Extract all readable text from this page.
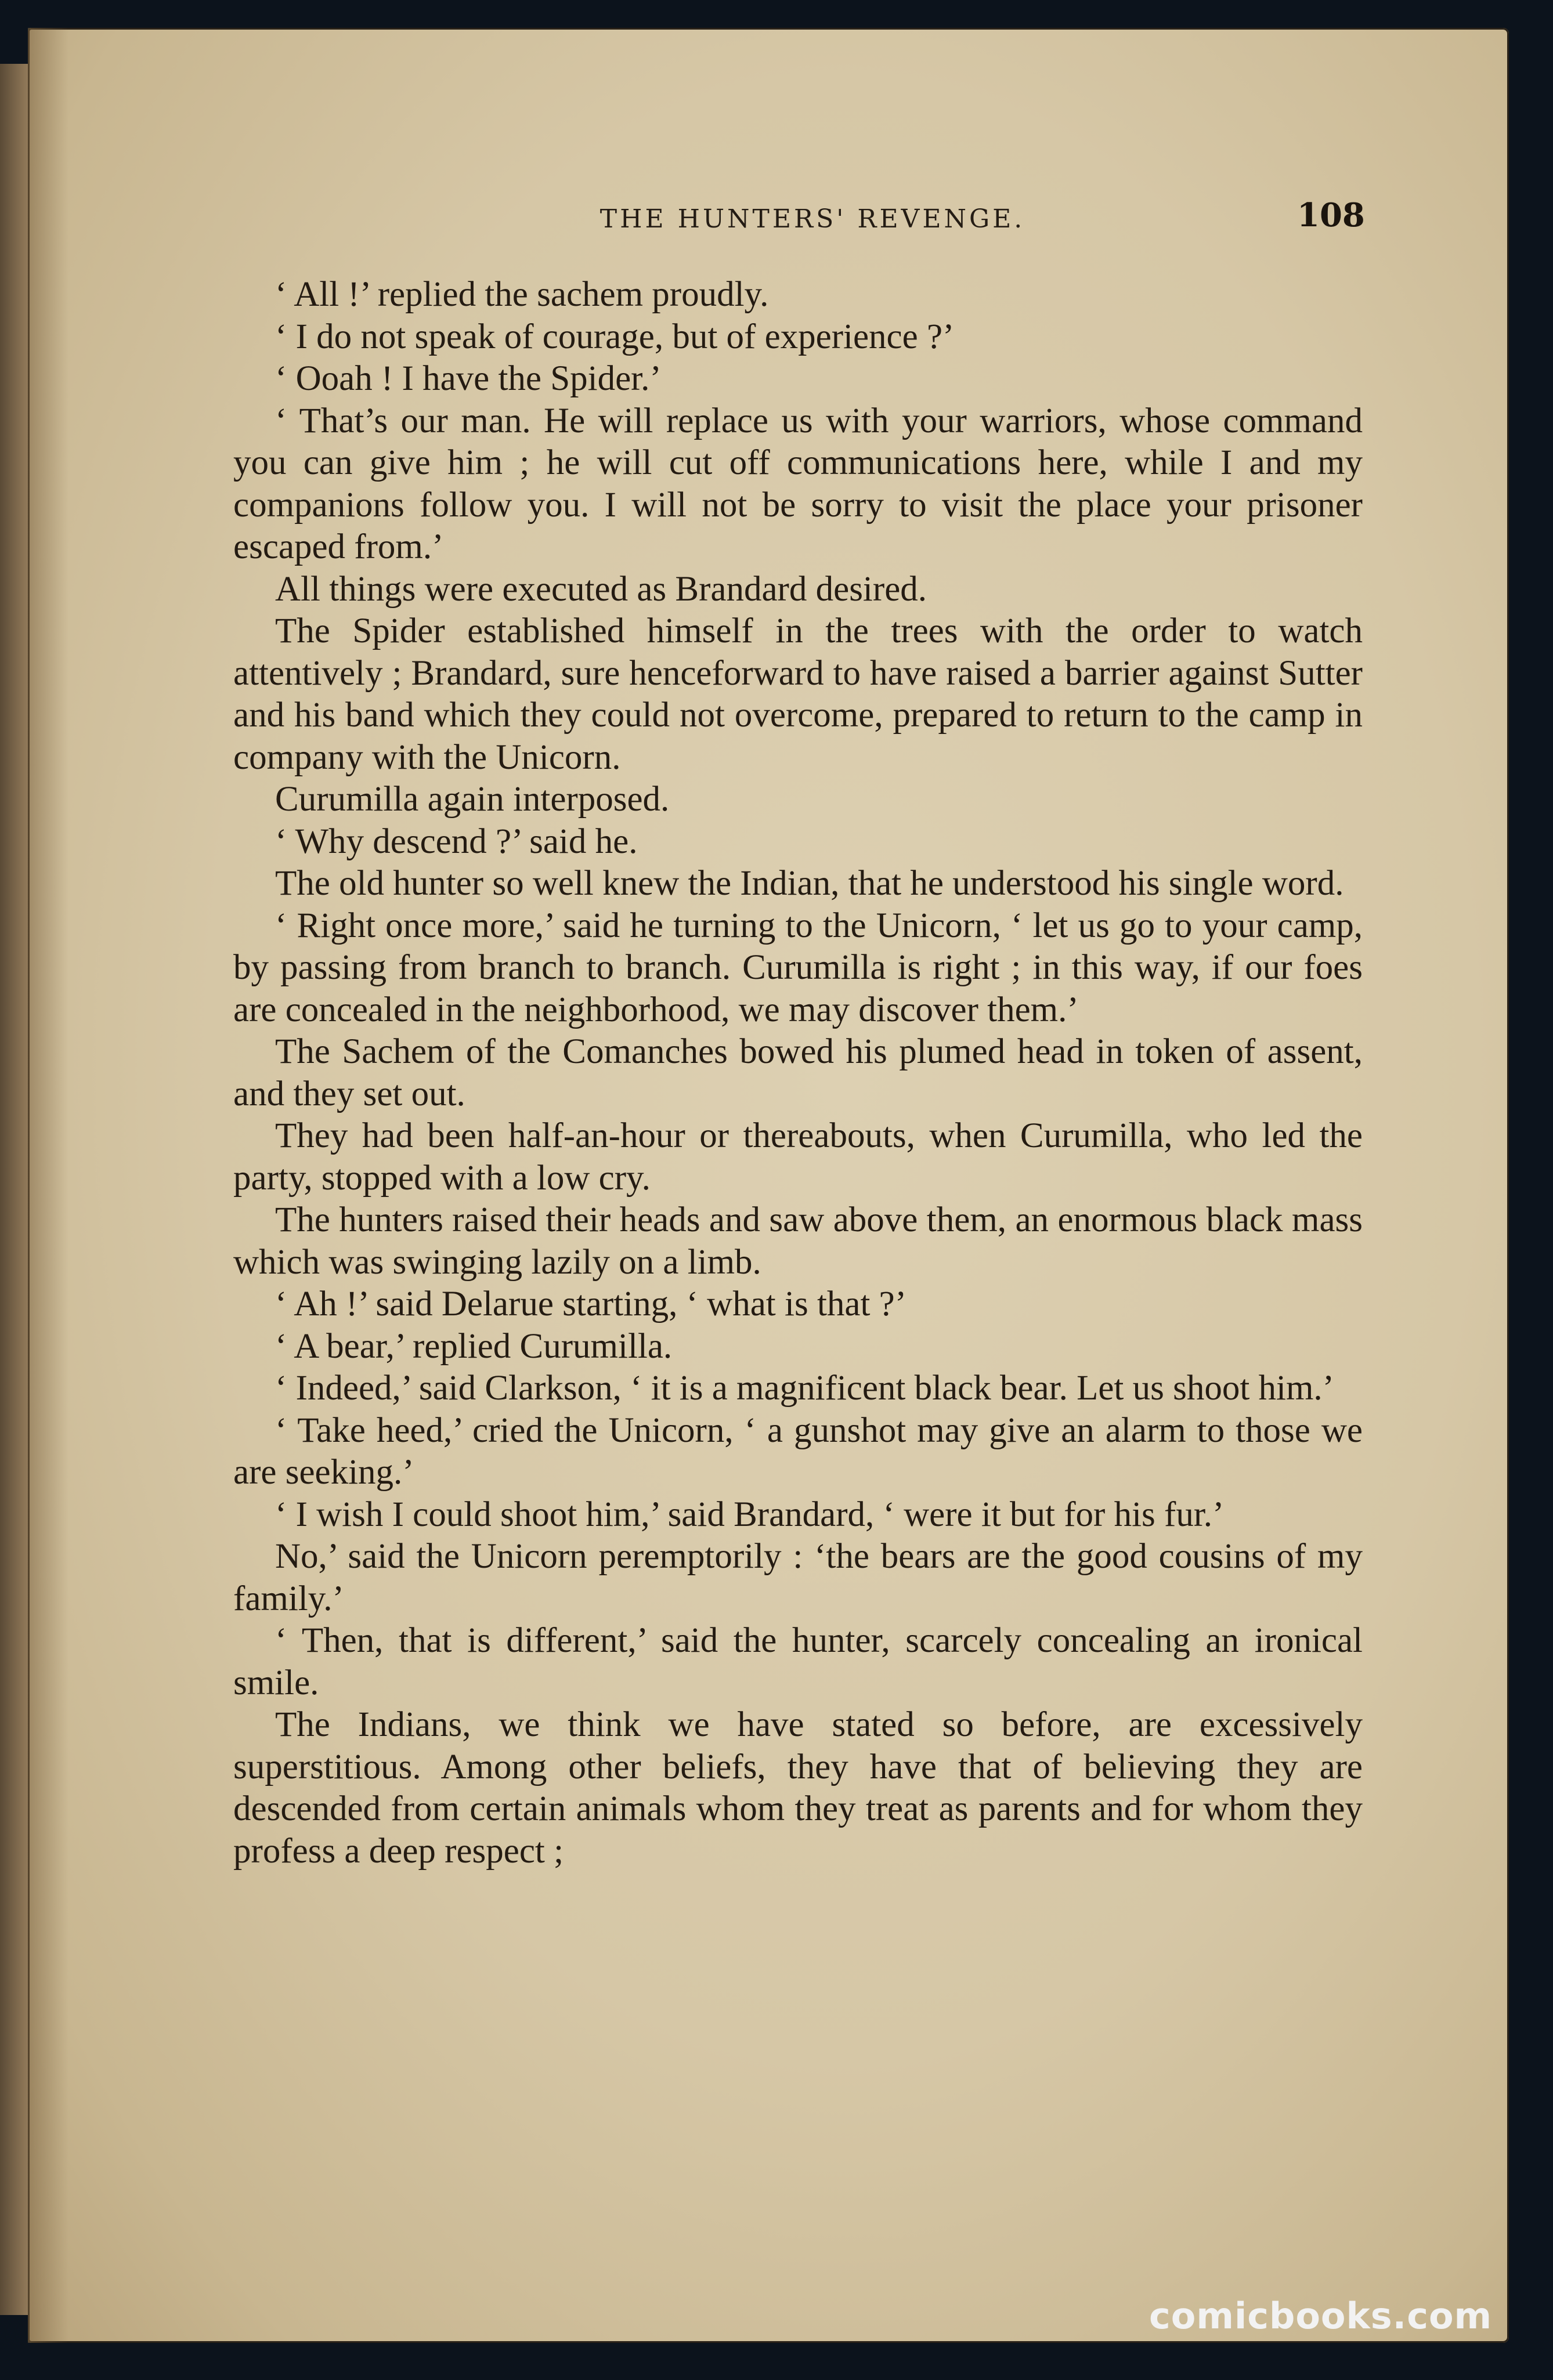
THE HUNTERS' REVENGE.	108

‘ All !’ replied the sachem proudly.

‘ I do not speak of courage, but of experience ?’

‘ Ooah ! I have the Spider.’

‘ That’s our man. He will replace us with your warriors, whose command you can give him ; he will cut off communications here, while I and my companions follow you. I will not be sorry to visit the place your prisoner escaped from.’

All things were executed as Brandard desired.

The Spider established himself in the trees with the order to watch attentively ; Brandard, sure henceforward to have raised a barrier against Sutter and his band which they could not overcome, prepared to return to the camp in company with the Unicorn.

Curumilla again interposed.

‘ Why descend ?’ said he.

The old hunter so well knew the Indian, that he understood his single word.

‘ Right once more,’ said he turning to the Unicorn, ‘ let us go to your camp, by passing from branch to branch. Curumilla is right ; in this way, if our foes are concealed in the neighborhood, we may discover them.’

The Sachem of the Comanches bowed his plumed head in token of assent, and they set out.

They had been half-an-hour or thereabouts, when Curumilla, who led the party, stopped with a low cry.

The hunters raised their heads and saw above them, an enormous black mass which was swinging lazily on a limb.

‘ Ah !’ said Delarue starting, ‘ what is that ?’

‘ A bear,’ replied Curumilla.

‘ Indeed,’ said Clarkson, ‘ it is a magnificent black bear. Let us shoot him.’

‘ Take heed,’ cried the Unicorn, ‘ a gunshot may give an alarm to those we are seeking.’

‘ I wish I could shoot him,’ said Brandard, ‘ were it but for his fur.’

No,’ said the Unicorn peremptorily : ‘the bears are the good cousins of my family.’

‘ Then, that is different,’ said the hunter, scarcely concealing an ironical smile.

The Indians, we think we have stated so before, are excessively superstitious. Among other beliefs, they have that of believing they are descended from certain animals whom they treat as parents and for whom they profess a deep respect ;

comicbooks.com
